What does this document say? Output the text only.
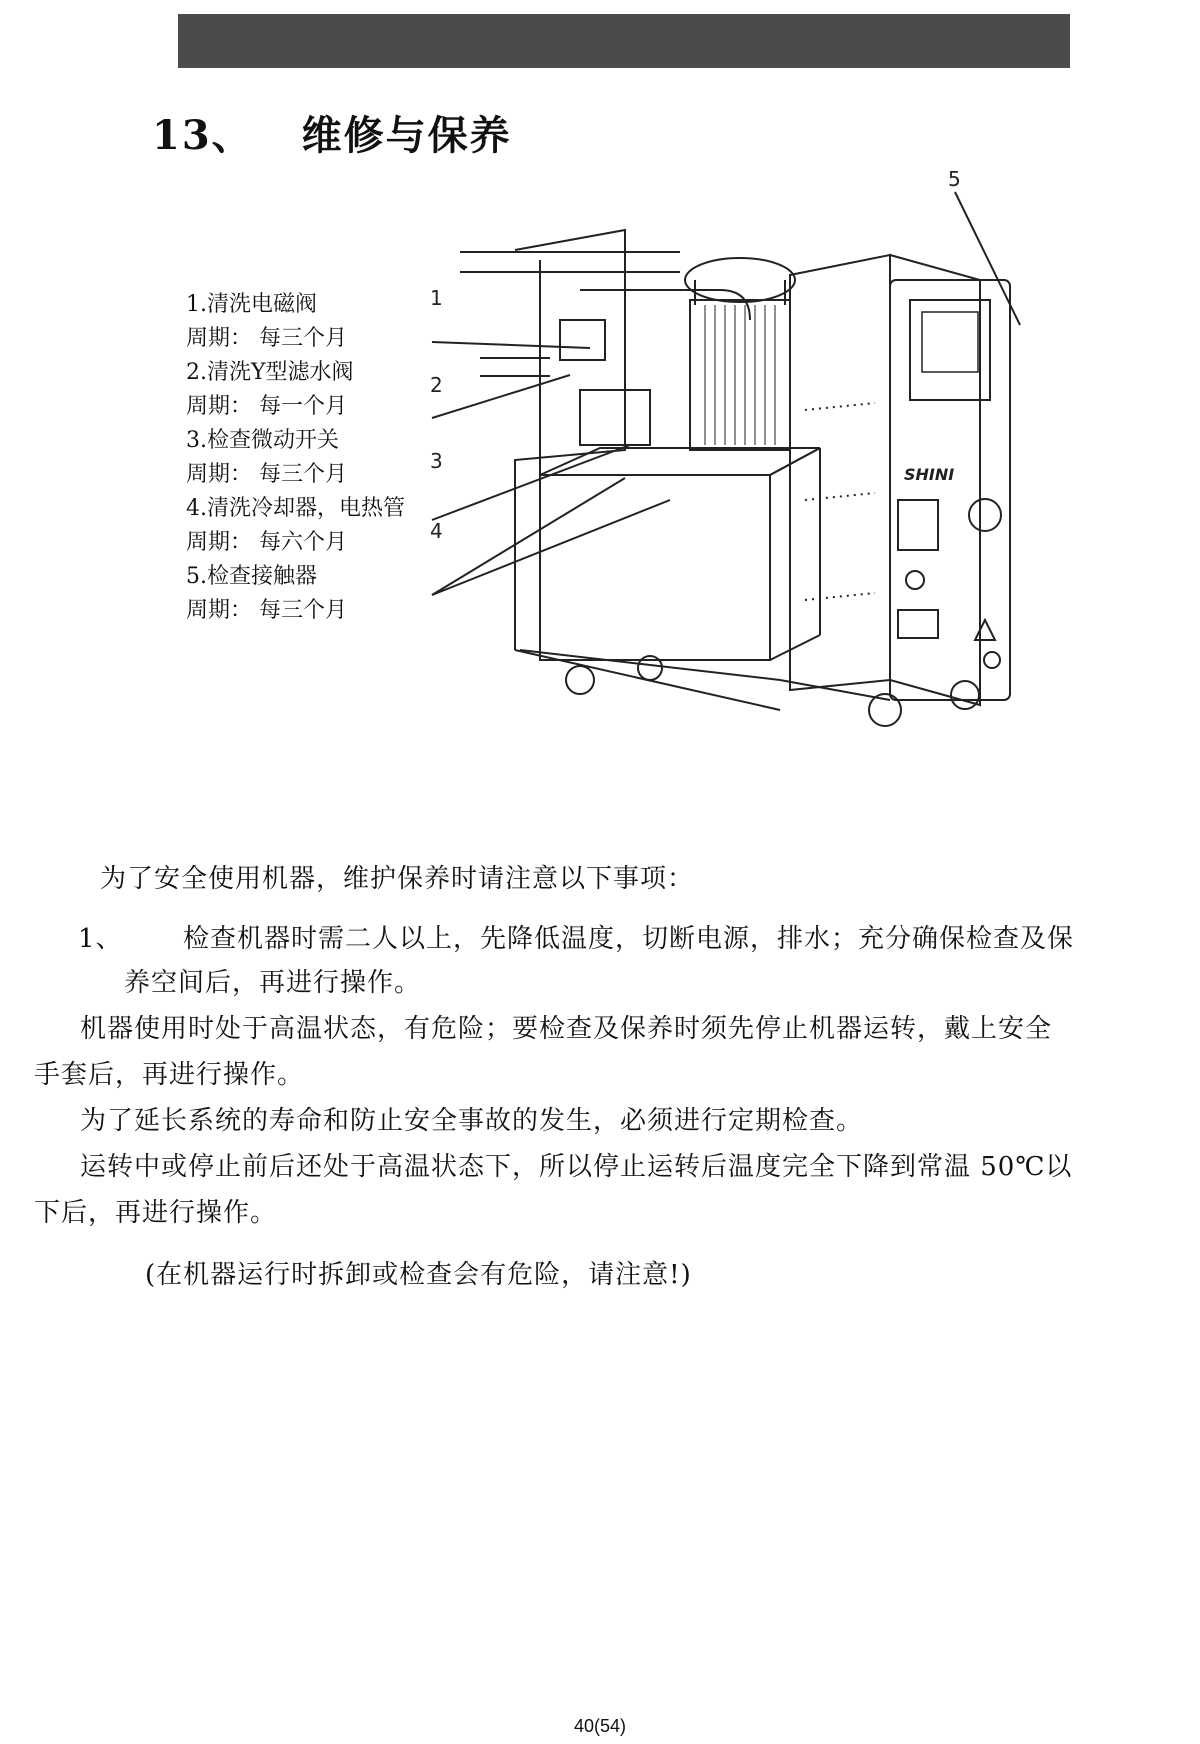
13、 维修与保养
1.清洗电磁阀
周期： 每三个月
2.清洗Y型滤水阀
周期： 每一个月
3.检查微动开关
周期： 每三个月
4.清洗冷却器，电热管
周期： 每六个月
5.检查接触器
周期： 每三个月
1
2
3
4
5
SHINI
为了安全使用机器，维护保养时请注意以下事项：
1、 检查机器时需二人以上，先降低温度，切断电源，排水；充分确保检查及保
养空间后，再进行操作。
机器使用时处于高温状态，有危险；要检查及保养时须先停止机器运转，戴上安全
手套后，再进行操作。
为了延长系统的寿命和防止安全事故的发生，必须进行定期检查。
运转中或停止前后还处于高温状态下，所以停止运转后温度完全下降到常温 50℃以
下后，再进行操作。
(在机器运行时拆卸或检查会有危险，请注意!)
40(54)
